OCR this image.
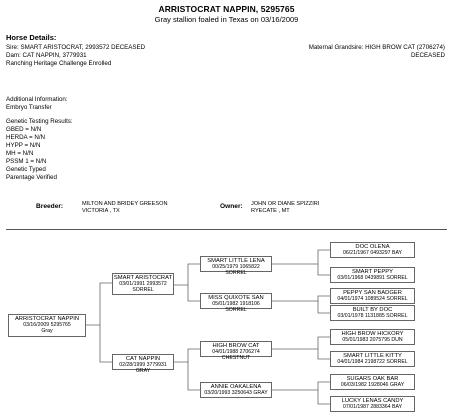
ARRISTOCRAT NAPPIN, 5295765
Gray stallion foaled in Texas on 03/16/2009
Horse Details:
Sire: SMART ARISTOCRAT, 2993572 DECEASED
Dam: CAT NAPPIN, 3779931
Ranching Heritage Challenge Enrolled
Maternal Grandsire: HIGH BROW CAT (2706274)
DECEASED
Additional Information:
Embryo Transfer
Genetic Testing Results:
GBED = N/N
HERDA = N/N
HYPP = N/N
MH = N/N
PSSM 1 = N/N
Genetic Typed
Parentage Verified
Breeder:	MILTON AND BRIDEY GREESON
VICTORIA , TX
Owner: JOHN OR DIANE SPIZZIRI
RYECATE , MT
ARRISTOCRAT NAPPIN
03/16/2009 5295765
Gray
SMART ARISTOCRAT
03/01/1991 2993572
SORREL
CAT NAPPIN
02/28/1999 3779931 GRAY
SMART LITTLE LENA
00/25/1979 1065822 SORREL
MISS QUIXOTE SAN
05/01/1982 1918106 SORREL
HIGH BROW CAT
04/01/1988 2706274 CHESTNUT
ANNIE OAKALENA
03/20/1993 3250643 GRAY
DOC OLENA
06/21/1967 0493297 BAY
SMART PEPPY
03/01/1968 0439891 SORREL
PEPPY SAN BADGER
04/01/1974 1089524 SORREL
BUILT BY DOC
03/01/1978 1131885 SORREL
HIGH BROW HICKORY
05/01/1983 2075795 DUN
SMART LITTLE KITTY
04/01/1984 2198722 SORREL
SUGARS OAK BAR
06/03/1982 1928046 GRAY
LUCKY LENAS CANDY
07/01/1987 2883364 BAY
